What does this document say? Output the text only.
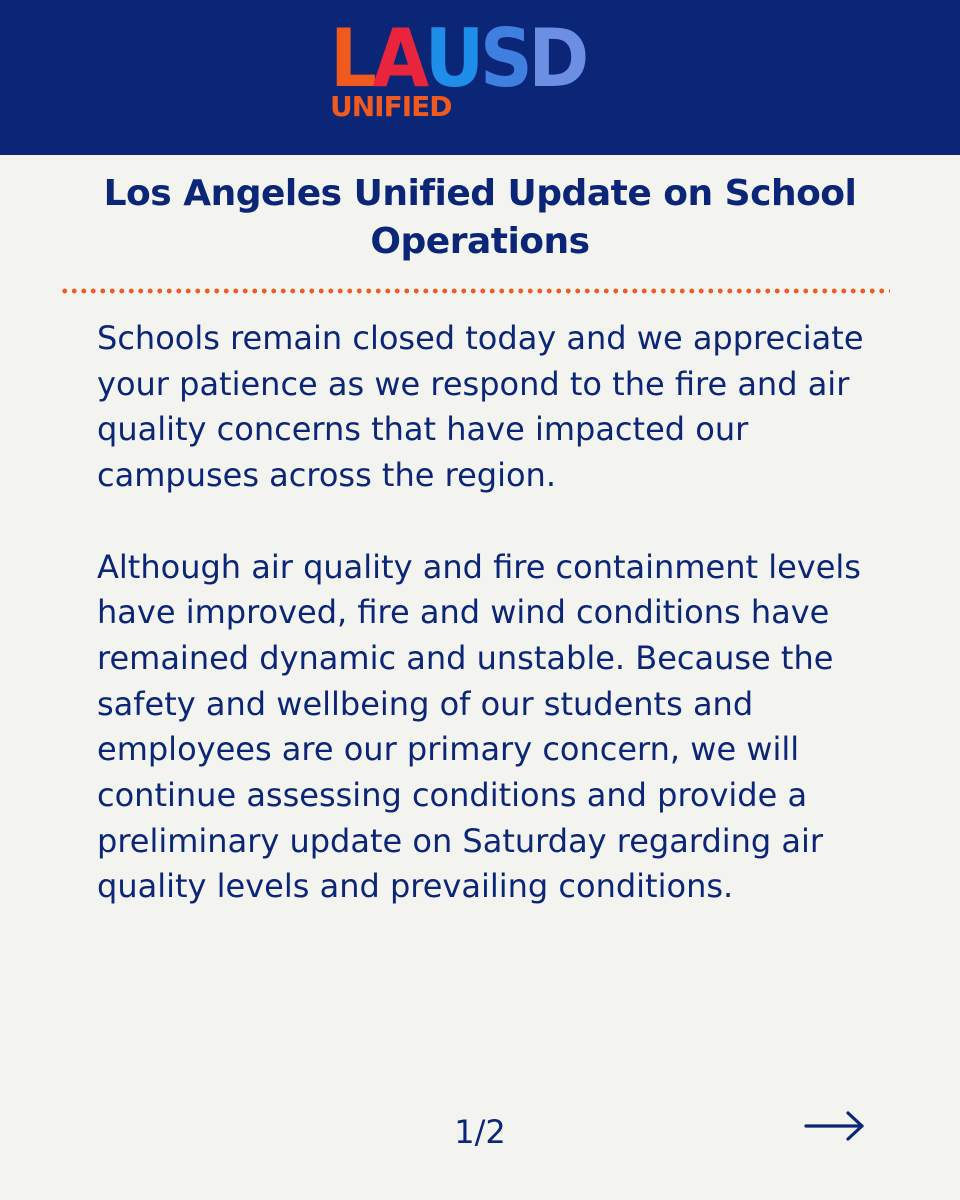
LAUSD
UNIFIED
Los Angeles Unified Update on School Operations

Schools remain closed today and we appreciate your patience as we respond to the fire and air quality concerns that have impacted our campuses across the region.

Although air quality and fire containment levels have improved, fire and wind conditions have remained dynamic and unstable. Because the safety and wellbeing of our students and employees are our primary concern, we will continue assessing conditions and provide a preliminary update on Saturday regarding air quality levels and prevailing conditions.

1/2
